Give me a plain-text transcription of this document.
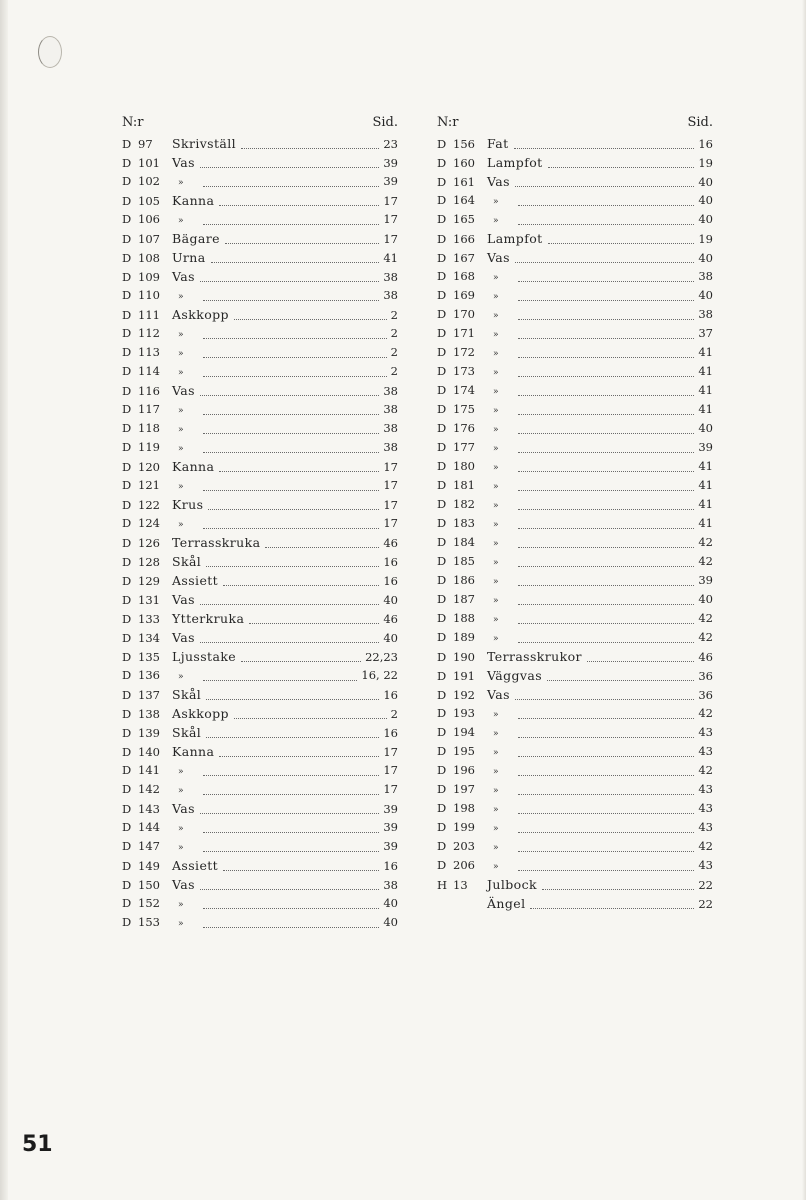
N:r	Sid.
D 97 Skrivställ	23
D 101 Vas	39
D 102	»	39
D 105 Kanna	17
D 106	»	17
D 107 Bägare	17
D 108 Urna	41
D 109 Vas	38
D 110	»	38
D 111 Askkopp	2
D 112	»	2
D 113	»	2
D 114	»	2
D 116 Vas	38
D 117	»	38
D 118	»	38
D 119	»	38
D 120 Kanna	17
D 121	»	17
D 122 Krus	17
D 124	»	17
D 126 Terrasskruka	46
D 128 Skål	16
D 129 Assiett	16
D 131 Vas	40
D 133 Ytterkruka	46
D 134 Vas	40
D 135 Ljusstake	22,23
D 136	»	16, 22
D 137 Skål	16
D 138 Askkopp	2
D 139 Skål	16
D 140 Kanna	17
D 141	»	17
D 142	»	17
D 143 Vas	39
D 144	»	39
D 147	»	39
D 149 Assiett	16
D 150 Vas	38
D 152	»	40
D 153	»	40
N:r	Sid.
D 156 Fat	16
D 160 Lampfot	19
D 161 Vas	40
D 164	»	40
D 165	»	40
D 166 Lampfot	19
D 167 Vas	40
D 168	»	38
D 169	»	40
D 170	»	38
D 171	»	37
D 172	»	41
D 173	»	41
D 174	»	41
D 175	»	41
D 176	»	40
D 177	»	39
D 180	»	41
D 181	»	41
D 182	»	41
D 183	»	41
D 184	»	42
D 185	»	42
D 186	»	39
D 187	»	40
D 188	»	42
D 189	»	42
D 190 Terrasskrukor	46
D 191 Väggvas	36
D 192 Vas	36
D 193	»	42
D 194	»	43
D 195	»	43
D 196	»	42
D 197	»	43
D 198	»	43
D 199	»	43
D 203	»	42
D 206	»	43
H 13 Julbock	22
Ängel	22
51
